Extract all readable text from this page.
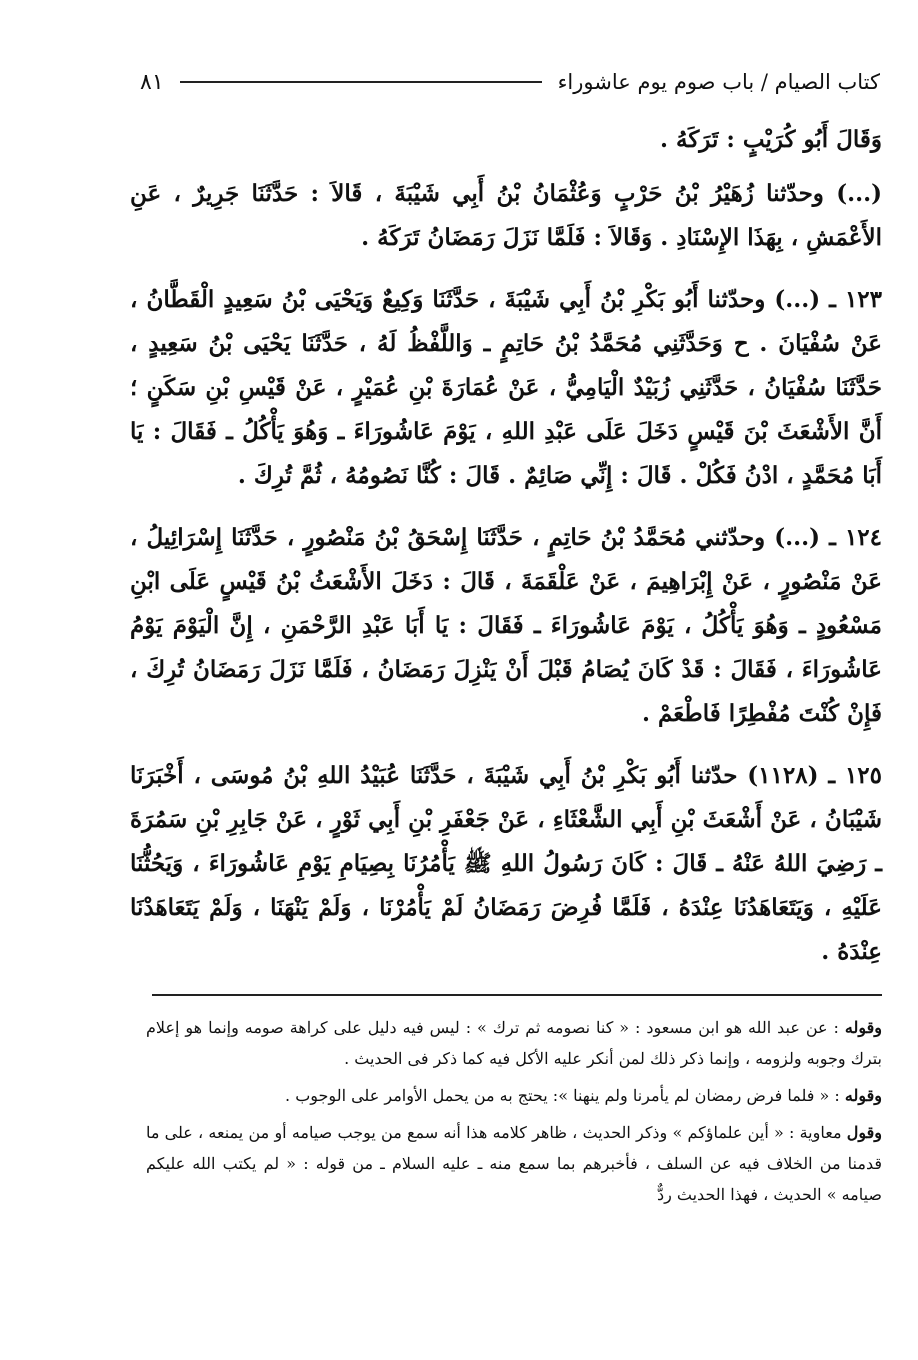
كتاب الصيام / باب صوم يوم عاشوراء
٨١

وَقَالَ أَبُو كُرَيْبٍ : تَرَكَهُ .

(...) وحدّثنا زُهَيْرُ بْنُ حَرْبٍ وَعُثْمَانُ بْنُ أَبِي شَيْبَةَ ، قَالاَ : حَدَّثَنَا جَرِيرٌ ، عَنِ الأَعْمَشِ ، بِهَذَا الإِسْنَادِ . وَقَالاَ : فَلَمَّا نَزَلَ رَمَضَانُ تَرَكَهُ .

١٢٣ ـ (...) وحدّثنا أَبُو بَكْرِ بْنُ أَبِي شَيْبَةَ ، حَدَّثَنَا وَكِيعٌ وَيَحْيَى بْنُ سَعِيدٍ الْقَطَّانُ ، عَنْ سُفْيَانَ . ح وَحَدَّثَنِي مُحَمَّدُ بْنُ حَاتِمٍ ـ وَاللَّفْظُ لَهُ ، حَدَّثَنَا يَحْيَى بْنُ سَعِيدٍ ، حَدَّثَنَا سُفْيَانُ ، حَدَّثَنِي زُبَيْدٌ الْيَامِيُّ ، عَنْ عُمَارَةَ بْنِ عُمَيْرٍ ، عَنْ قَيْسِ بْنِ سَكَنٍ ؛ أَنَّ الأَشْعَثَ بْنَ قَيْسٍ دَخَلَ عَلَى عَبْدِ اللهِ ، يَوْمَ عَاشُورَاءَ ـ وَهُوَ يَأْكُلُ ـ فَقَالَ : يَا أَبَا مُحَمَّدٍ ، ادْنُ فَكُلْ . قَالَ : إِنِّي صَائِمٌ . قَالَ : كُنَّا نَصُومُهُ ، ثُمَّ تُرِكَ .

١٢٤ ـ (...) وحدّثني مُحَمَّدُ بْنُ حَاتِمٍ ، حَدَّثَنَا إِسْحَقُ بْنُ مَنْصُورٍ ، حَدَّثَنَا إِسْرَائِيلُ ، عَنْ مَنْصُورٍ ، عَنْ إِبْرَاهِيمَ ، عَنْ عَلْقَمَةَ ، قَالَ : دَخَلَ الأَشْعَثُ بْنُ قَيْسٍ عَلَى ابْنِ مَسْعُودٍ ـ وَهُوَ يَأْكُلُ ، يَوْمَ عَاشُورَاءَ ـ فَقَالَ : يَا أَبَا عَبْدِ الرَّحْمَنِ ، إِنَّ الْيَوْمَ يَوْمُ عَاشُورَاءَ ، فَقَالَ : قَدْ كَانَ يُصَامُ قَبْلَ أَنْ يَنْزِلَ رَمَضَانُ ، فَلَمَّا نَزَلَ رَمَضَانُ تُرِكَ ، فَإِنْ كُنْتَ مُفْطِرًا فَاطْعَمْ .

١٢٥ ـ (١١٢٨) حدّثنا أَبُو بَكْرِ بْنُ أَبِي شَيْبَةَ ، حَدَّثَنَا عُبَيْدُ اللهِ بْنُ مُوسَى ، أَخْبَرَنَا شَيْبَانُ ، عَنْ أَشْعَثَ بْنِ أَبِي الشَّعْثَاءِ ، عَنْ جَعْفَرِ بْنِ أَبِي ثَوْرٍ ، عَنْ جَابِرِ بْنِ سَمُرَةَ ـ رَضِيَ اللهُ عَنْهُ ـ قَالَ : كَانَ رَسُولُ اللهِ ﷺ يَأْمُرُنَا بِصِيَامِ يَوْمِ عَاشُورَاءَ ، وَيَحُثُّنَا عَلَيْهِ ، وَيَتَعَاهَدُنَا عِنْدَهُ ، فَلَمَّا فُرِضَ رَمَضَانُ لَمْ يَأْمُرْنَا ، وَلَمْ يَنْهَنَا ، وَلَمْ يَتَعَاهَدْنَا عِنْدَهُ .

وقوله : عن عبد الله هو ابن مسعود : « كنا نصومه ثم ترك » : ليس فيه دليل على كراهة صومه وإنما هو إعلام بترك وجوبه ولزومه ، وإنما ذكر ذلك لمن أنكر عليه الأكل فيه كما ذكر فى الحديث .

وقوله : « فلما فرض رمضان لم يأمرنا ولم ينهنا »: يحتج به من يحمل الأوامر على الوجوب .

وقول معاوية : « أين علماؤكم » وذكر الحديث ، ظاهر كلامه هذا أنه سمع من يوجب صيامه أو من يمنعه ، على ما قدمنا من الخلاف فيه عن السلف ، فأخبرهم بما سمع منه ـ عليه السلام ـ من قوله : « لم يكتب الله عليكم صيامه » الحديث ، فهذا الحديث ردٌّ
